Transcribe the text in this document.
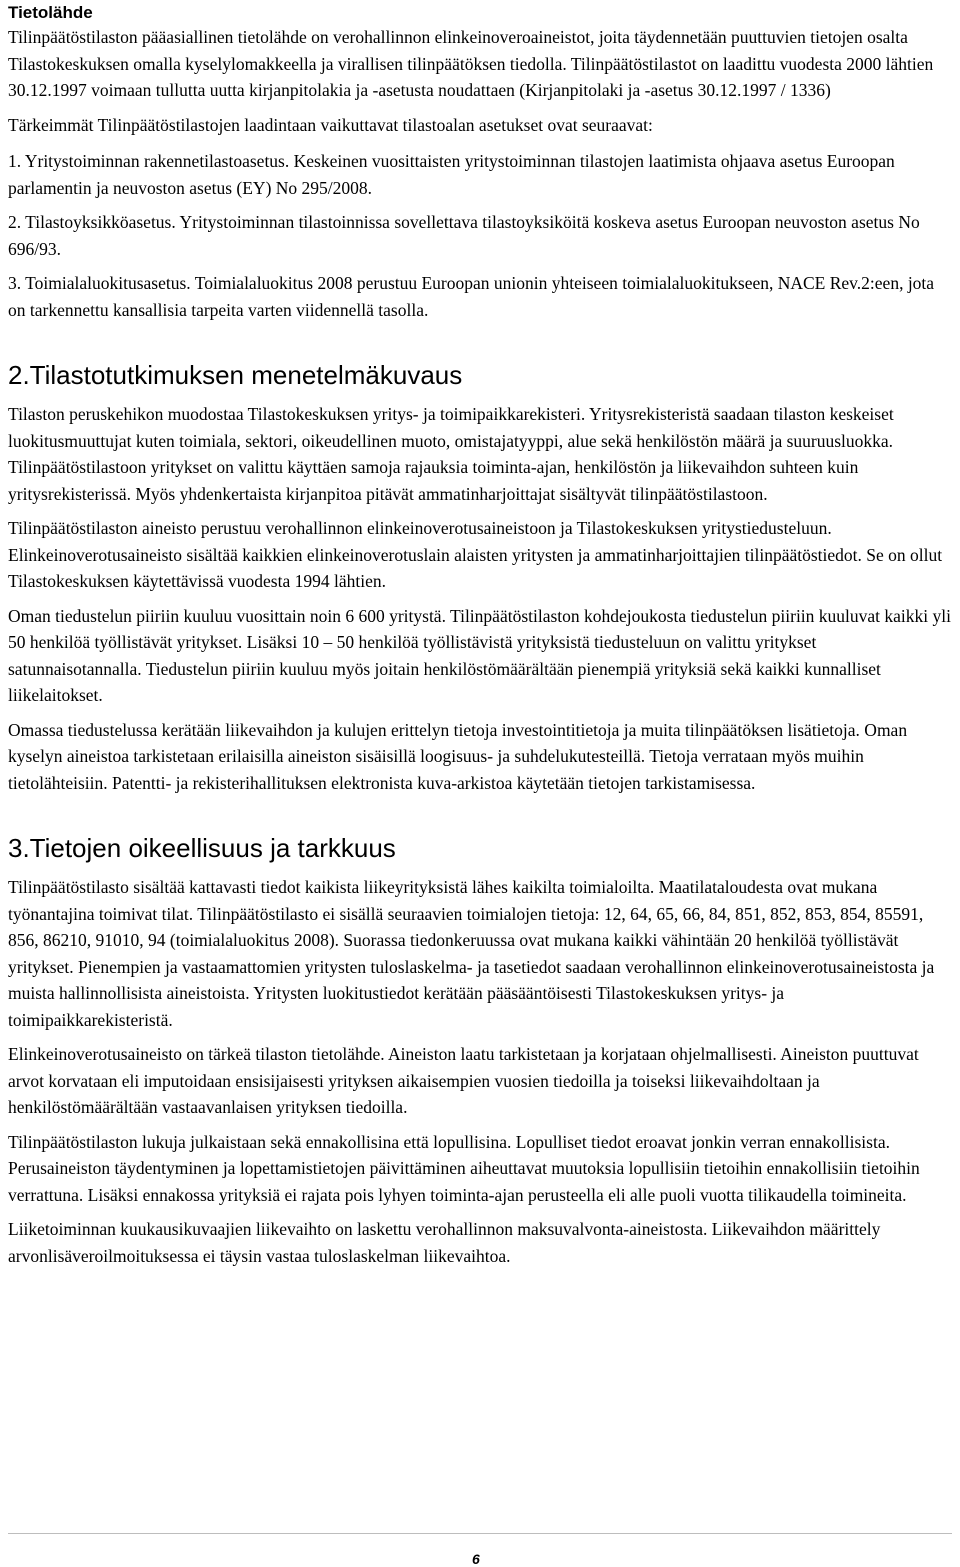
Tietolähde

Tilinpäätöstilaston pääasiallinen tietolähde on verohallinnon elinkeinoveroaineistot, joita täydennetään puuttuvien tietojen osalta Tilastokeskuksen omalla kyselylomakkeella ja virallisen tilinpäätöksen tiedolla. Tilinpäätöstilastot on laadittu vuodesta 2000 lähtien 30.12.1997 voimaan tullutta uutta kirjanpitolakia ja -asetusta noudattaen (Kirjanpitolaki ja -asetus 30.12.1997 / 1336)

Tärkeimmät Tilinpäätöstilastojen laadintaan vaikuttavat tilastoalan asetukset ovat seuraavat:

1. Yritystoiminnan rakennetilastoasetus. Keskeinen vuosittaisten yritystoiminnan tilastojen laatimista ohjaava asetus Euroopan parlamentin ja neuvoston asetus (EY) No 295/2008.

2. Tilastoyksikköasetus. Yritystoiminnan tilastoinnissa sovellettava tilastoyksiköitä koskeva asetus Euroopan neuvoston asetus No 696/93.

3. Toimialaluokitusasetus. Toimialaluokitus 2008 perustuu Euroopan unionin yhteiseen toimialaluokitukseen, NACE Rev.2:een, jota on tarkennettu kansallisia tarpeita varten viidennellä tasolla.

2.Tilastotutkimuksen menetelmäkuvaus

Tilaston peruskehikon muodostaa Tilastokeskuksen yritys- ja toimipaikkarekisteri. Yritysrekisteristä saadaan tilaston keskeiset luokitusmuuttujat kuten toimiala, sektori, oikeudellinen muoto, omistajatyyppi, alue sekä henkilöstön määrä ja suuruusluokka. Tilinpäätöstilastoon yritykset on valittu käyttäen samoja rajauksia toiminta-ajan, henkilöstön ja liikevaihdon suhteen kuin yritysrekisterissä. Myös yhdenkertaista kirjanpitoa pitävät ammatinharjoittajat sisältyvät tilinpäätöstilastoon.

Tilinpäätöstilaston aineisto perustuu verohallinnon elinkeinoverotusaineistoon ja Tilastokeskuksen yritystiedusteluun. Elinkeinoverotusaineisto sisältää kaikkien elinkeinoverotuslain alaisten yritysten ja ammatinharjoittajien tilinpäätöstiedot. Se on ollut Tilastokeskuksen käytettävissä vuodesta 1994 lähtien.

Oman tiedustelun piiriin kuuluu vuosittain noin 6 600 yritystä. Tilinpäätöstilaston kohdejoukosta tiedustelun piiriin kuuluvat kaikki yli 50 henkilöä työllistävät yritykset. Lisäksi 10 – 50 henkilöä työllistävistä yrityksistä tiedusteluun on valittu yritykset satunnaisotannalla. Tiedustelun piiriin kuuluu myös joitain henkilöstömäärältään pienempiä yrityksiä sekä kaikki kunnalliset liikelaitokset.

Omassa tiedustelussa kerätään liikevaihdon ja kulujen erittelyn tietoja investointitietoja ja muita tilinpäätöksen lisätietoja. Oman kyselyn aineistoa tarkistetaan erilaisilla aineiston sisäisillä loogisuus- ja suhdelukutesteillä. Tietoja verrataan myös muihin tietolähteisiin. Patentti- ja rekisterihallituksen elektronista kuva-arkistoa käytetään tietojen tarkistamisessa.

3.Tietojen oikeellisuus ja tarkkuus

Tilinpäätöstilasto sisältää kattavasti tiedot kaikista liikeyrityksistä lähes kaikilta toimialoilta. Maatilataloudesta ovat mukana työnantajina toimivat tilat. Tilinpäätöstilasto ei sisällä seuraavien toimialojen tietoja: 12, 64, 65, 66, 84, 851, 852, 853, 854, 85591, 856, 86210, 91010, 94 (toimialaluokitus 2008). Suorassa tiedonkeruussa ovat mukana kaikki vähintään 20 henkilöä työllistävät yritykset. Pienempien ja vastaamattomien yritysten tuloslaskelma- ja tasetiedot saadaan verohallinnon elinkeinoverotusaineistosta ja muista hallinnollisista aineistoista. Yritysten luokitustiedot kerätään pääsääntöisesti Tilastokeskuksen yritys- ja toimipaikkarekisteristä.

Elinkeinoverotusaineisto on tärkeä tilaston tietolähde. Aineiston laatu tarkistetaan ja korjataan ohjelmallisesti. Aineiston puuttuvat arvot korvataan eli imputoidaan ensisijaisesti yrityksen aikaisempien vuosien tiedoilla ja toiseksi liikevaihdoltaan ja henkilöstömäärältään vastaavanlaisen yrityksen tiedoilla.

Tilinpäätöstilaston lukuja julkaistaan sekä ennakollisina että lopullisina. Lopulliset tiedot eroavat jonkin verran ennakollisista. Perusaineiston täydentyminen ja lopettamistietojen päivittäminen aiheuttavat muutoksia lopullisiin tietoihin ennakollisiin tietoihin verrattuna. Lisäksi ennakossa yrityksiä ei rajata pois lyhyen toiminta-ajan perusteella eli alle puoli vuotta tilikaudella toimineita.

Liiketoiminnan kuukausikuvaajien liikevaihto on laskettu verohallinnon maksuvalvonta-aineistosta. Liikevaihdon määrittely arvonlisäveroilmoituksessa ei täysin vastaa tuloslaskelman liikevaihtoa.

6
